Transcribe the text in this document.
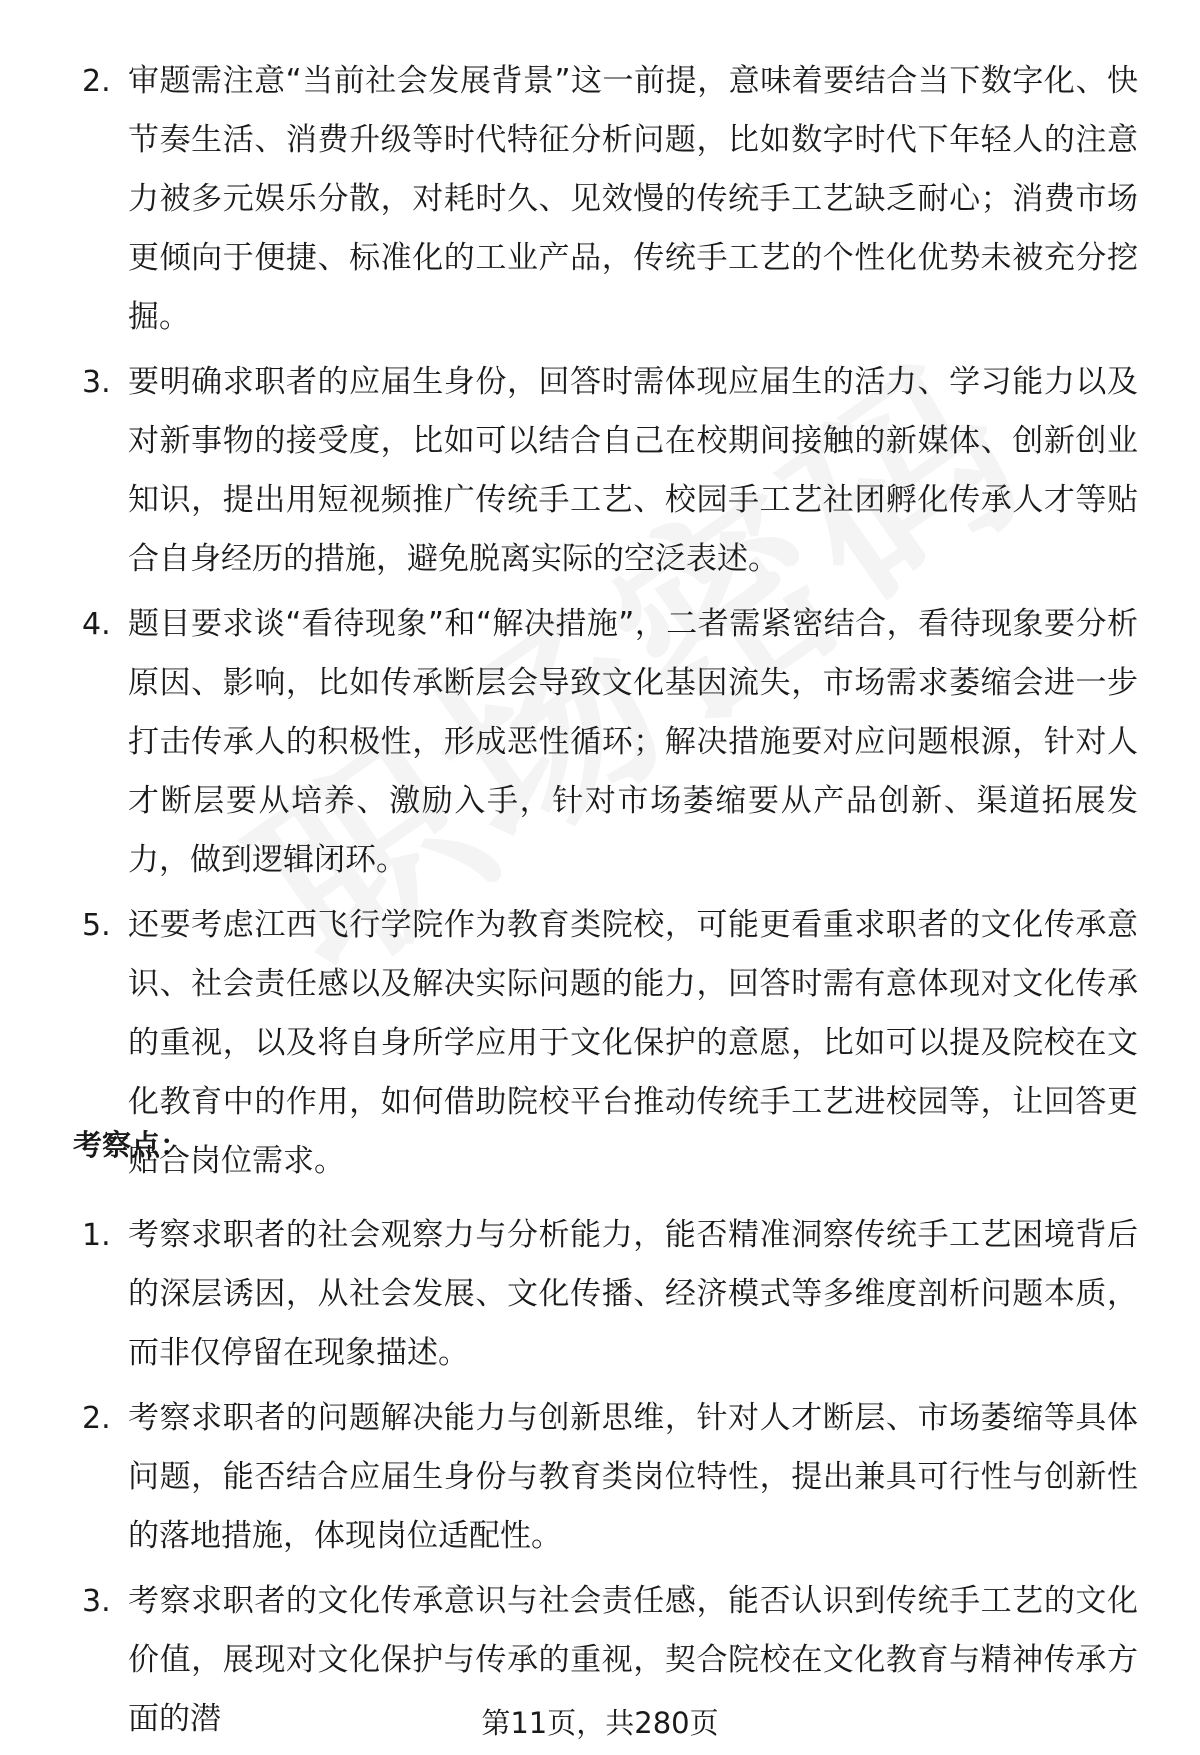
2. 审题需注意“当前社会发展背景”这一前提，意味着要结合当下数字化、快节奏生活、消费升级等时代特征分析问题，比如数字时代下年轻人的注意力被多元娱乐分散，对耗时久、见效慢的传统手工艺缺乏耐心；消费市场更倾向于便捷、标准化的工业产品，传统手工艺的个性化优势未被充分挖掘。
3. 要明确求职者的应届生身份，回答时需体现应届生的活力、学习能力以及对新事物的接受度，比如可以结合自己在校期间接触的新媒体、创新创业知识，提出用短视频推广传统手工艺、校园手工艺社团孵化传承人才等贴合自身经历的措施，避免脱离实际的空泛表述。
4. 题目要求谈“看待现象”和“解决措施”，二者需紧密结合，看待现象要分析原因、影响，比如传承断层会导致文化基因流失，市场需求萎缩会进一步打击传承人的积极性，形成恶性循环；解决措施要对应问题根源，针对人才断层要从培养、激励入手，针对市场萎缩要从产品创新、渠道拓展发力，做到逻辑闭环。
5. 还要考虑江西飞行学院作为教育类院校，可能更看重求职者的文化传承意识、社会责任感以及解决实际问题的能力，回答时需有意体现对文化传承的重视，以及将自身所学应用于文化保护的意愿，比如可以提及院校在文化教育中的作用，如何借助院校平台推动传统手工艺进校园等，让回答更贴合岗位需求。
考察点：
1. 考察求职者的社会观察力与分析能力，能否精准洞察传统手工艺困境背后的深层诱因，从社会发展、文化传播、经济模式等多维度剖析问题本质，而非仅停留在现象描述。
2. 考察求职者的问题解决能力与创新思维，针对人才断层、市场萎缩等具体问题，能否结合应届生身份与教育类岗位特性，提出兼具可行性与创新性的落地措施，体现岗位适配性。
3. 考察求职者的文化传承意识与社会责任感，能否认识到传统手工艺的文化价值，展现对文化保护与传承的重视，契合院校在文化教育与精神传承方面的潜	第11页，共280页
